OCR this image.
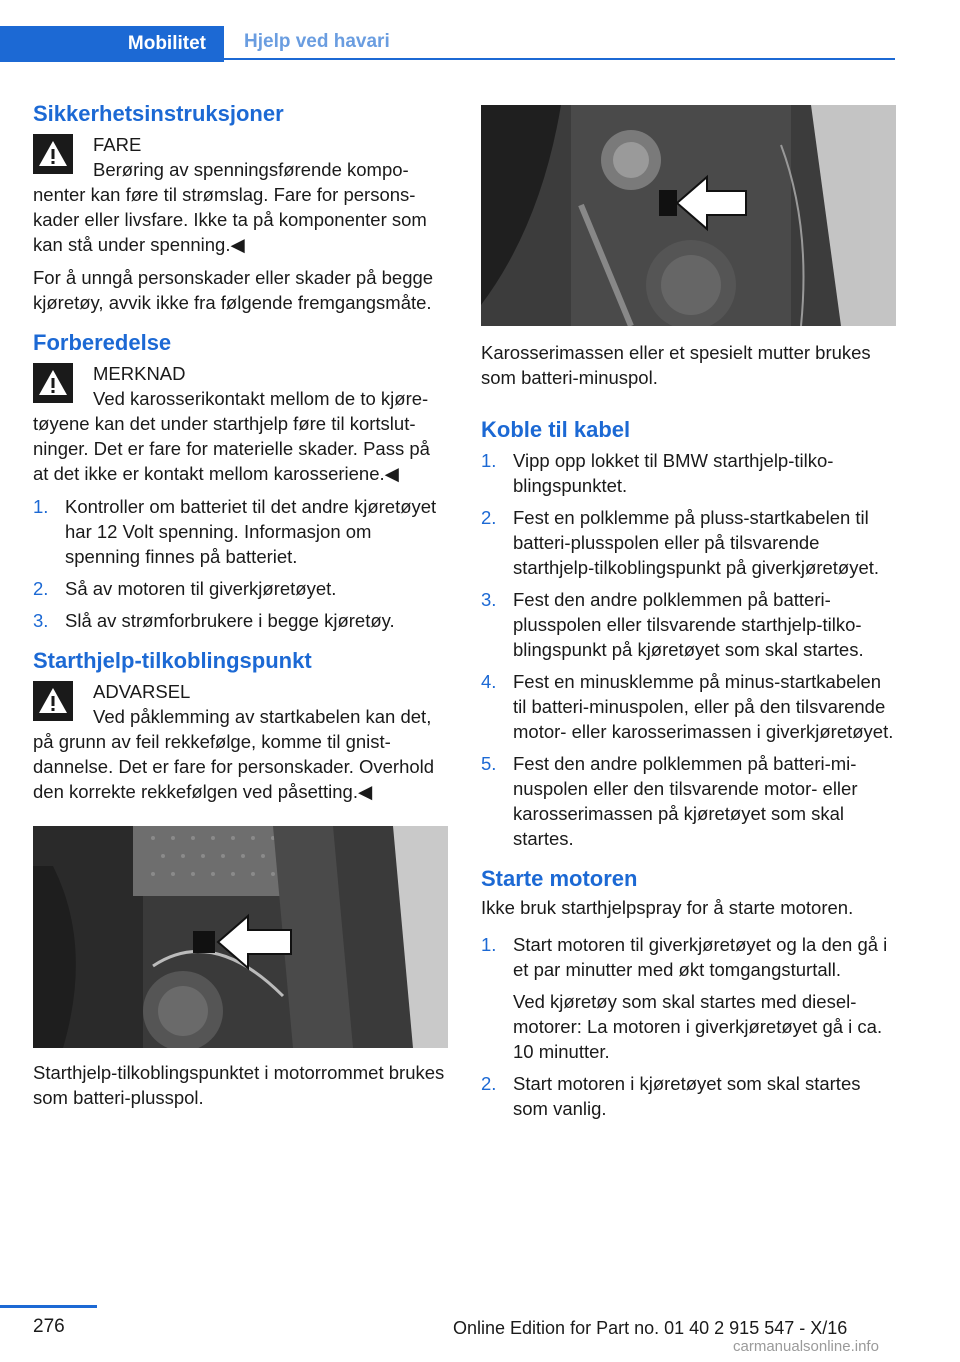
Mobilitet	Hjelp ved havari
Sikkerhetsinstruksjoner

FARE
Berøring av spenningsførende komponenter kan føre til strømslag. Fare for personskader eller livsfare. Ikke ta på komponenter som kan stå under spenning.◀

For å unngå personskader eller skader på begge kjøretøy, avvik ikke fra følgende fremgangsmåte.

Forberedelse

MERKNAD
Ved karosserikontakt mellom de to kjøretøyene kan det under starthjelp føre til kortslutninger. Det er fare for materielle skader. Pass på at det ikke er kontakt mellom karosseriene.◀

1. Kontroller om batteriet til det andre kjøretøyet har 12 Volt spenning. Informasjon om spenning finnes på batteriet.
2. Så av motoren til giverkjøretøyet.
3. Slå av strømforbrukere i begge kjøretøy.
Starthjelp-tilkoblingspunkt

ADVARSEL
Ved påklemming av startkabelen kan det, på grunn av feil rekkefølge, komme til gnistdannelse. Det er fare for personskader. Overhold den korrekte rekkefølgen ved påsetting.◀

Starthjelp-tilkoblingspunktet i motorrommet brukes som batteri-plusspol.

Karosserimassen eller et spesielt mutter brukes som batteri-minuspol.

Koble til kabel
1. Vipp opp lokket til BMW starthjelp-tilkoblingspunktet.
2. Fest en polklemme på pluss-startkabelen til batteri-plusspolen eller på tilsvarende starthjelp-tilkoblingspunkt på giverkjøretøyet.
3. Fest den andre polklemmen på batteri-plusspolen eller tilsvarende starthjelp-tilkoblingspunkt på kjøretøyet som skal startes.
4. Fest en minusklemme på minus-startkabelen til batteri-minuspolen, eller på den tilsvarende motor- eller karosserimassen i giverkjøretøyet.
5. Fest den andre polklemmen på batteri-minuspolen eller den tilsvarende motor- eller karosserimassen på kjøretøyet som skal startes.
Starte motoren

Ikke bruk starthjelpspray for å starte motoren.

1. Start motoren til giverkjøretøyet og la den gå i et par minutter med økt tomgangsturtall.
Ved kjøretøy som skal startes med dieselmotorer: La motoren i giverkjøretøyet gå i ca. 10 minutter.
2. Start motoren i kjøretøyet som skal startes som vanlig.
276	Online Edition for Part no. 01 40 2 915 547 - X/16
carmanualsonline.info
